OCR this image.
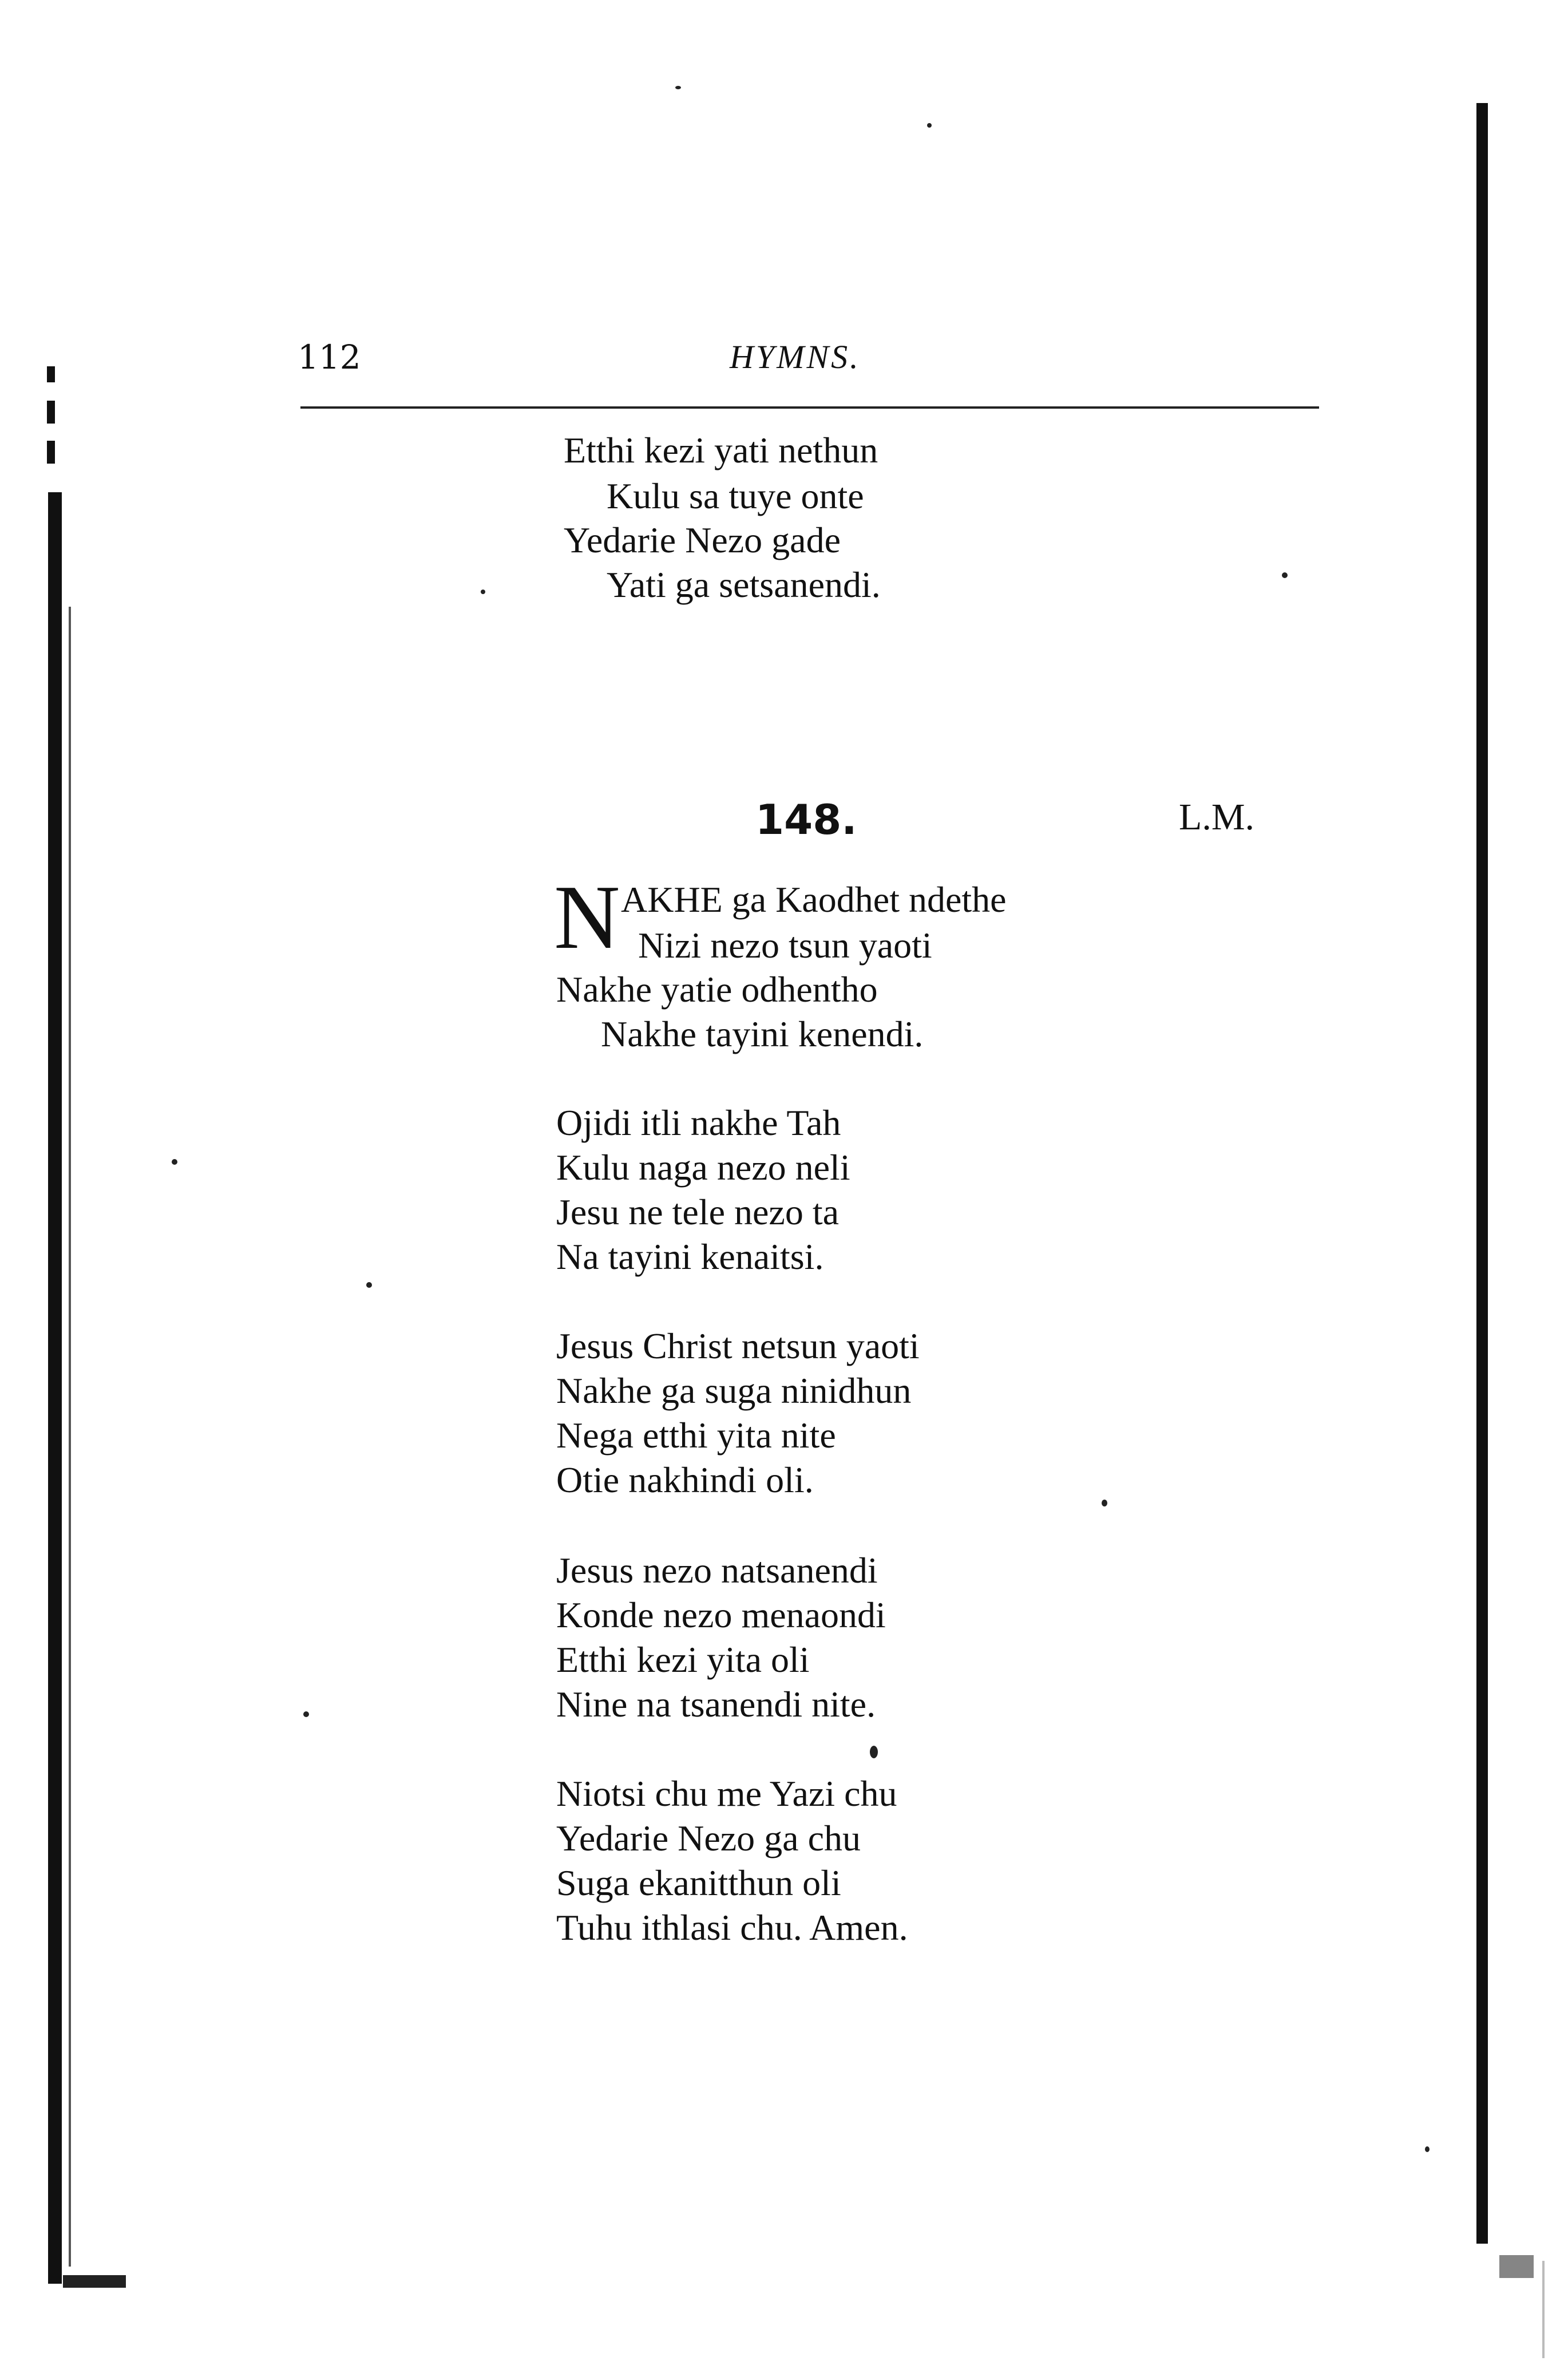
112	HYMNS.
Etthi kezi yati nethun
Kulu sa tuye onte
Yedarie Nezo gade
Yati ga setsanendi.
148.	L.M.
N AKHE ga Kaodhet ndethe
Nizi nezo tsun yaoti
Nakhe yatie odhentho
Nakhe tayini kenendi.
Ojidi itli nakhe Tah
Kulu naga nezo neli
Jesu ne tele nezo ta
Na tayini kenaitsi.
Jesus Christ netsun yaoti
Nakhe ga suga ninidhun
Nega etthi yita nite
Otie nakhindi oli.
Jesus nezo natsanendi
Konde nezo menaondi
Etthi kezi yita oli
Nine na tsanendi nite.
Niotsi chu me Yazi chu
Yedarie Nezo ga chu
Suga ekanitthun oli
Tuhu ithlasi chu. Amen.
